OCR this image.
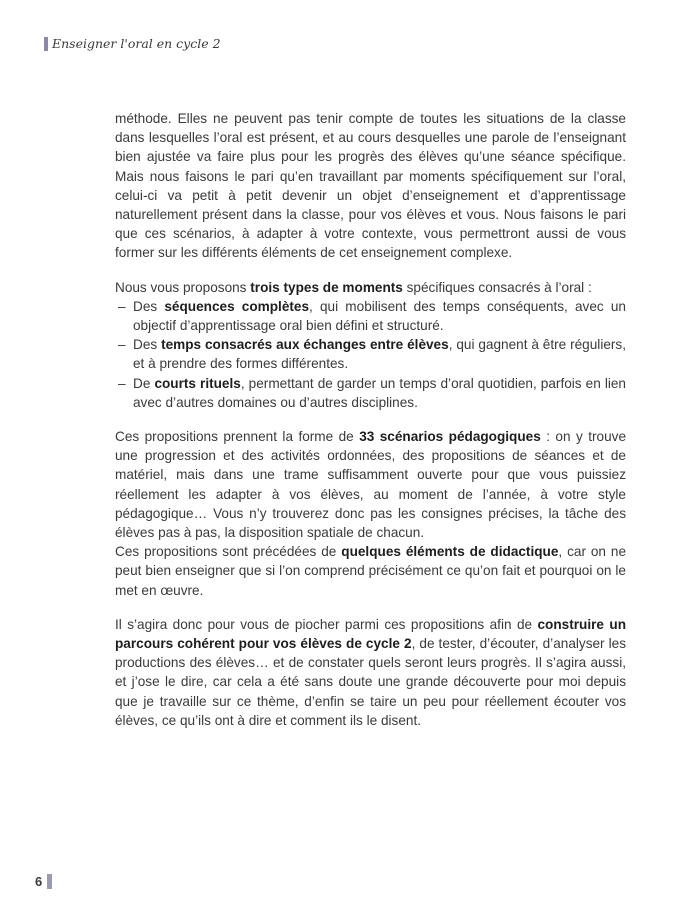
Enseigner l'oral en cycle 2

méthode. Elles ne peuvent pas tenir compte de toutes les situations de la classe dans lesquelles l’oral est présent, et au cours desquelles une parole de l’enseignant bien ajustée va faire plus pour les progrès des élèves qu’une séance spécifique. Mais nous faisons le pari qu’en travaillant par moments spécifiquement sur l’oral, celui-ci va petit à petit devenir un objet d’enseignement et d’apprentissage naturellement présent dans la classe, pour vos élèves et vous. Nous faisons le pari que ces scénarios, à adapter à votre contexte, vous permettront aussi de vous former sur les différents éléments de cet enseignement complexe.

Nous vous proposons trois types de moments spécifiques consacrés à l’oral :

– Des séquences complètes, qui mobilisent des temps conséquents, avec un objectif d’apprentissage oral bien défini et structuré.
– Des temps consacrés aux échanges entre élèves, qui gagnent à être réguliers, et à prendre des formes différentes.
– De courts rituels, permettant de garder un temps d’oral quotidien, parfois en lien avec d’autres domaines ou d’autres disciplines.

Ces propositions prennent la forme de 33 scénarios pédagogiques : on y trouve une progression et des activités ordonnées, des propositions de séances et de matériel, mais dans une trame suffisamment ouverte pour que vous puissiez réellement les adapter à vos élèves, au moment de l’année, à votre style pédagogique… Vous n’y trouverez donc pas les consignes précises, la tâche des élèves pas à pas, la disposition spatiale de chacun.

Ces propositions sont précédées de quelques éléments de didactique, car on ne peut bien enseigner que si l’on comprend précisément ce qu’on fait et pourquoi on le met en œuvre.

Il s’agira donc pour vous de piocher parmi ces propositions afin de construire un parcours cohérent pour vos élèves de cycle 2, de tester, d’écouter, d’analyser les productions des élèves… et de constater quels seront leurs progrès. Il s’agira aussi, et j’ose le dire, car cela a été sans doute une grande découverte pour moi depuis que je travaille sur ce thème, d’enfin se taire un peu pour réellement écouter vos élèves, ce qu’ils ont à dire et comment ils le disent.

6
